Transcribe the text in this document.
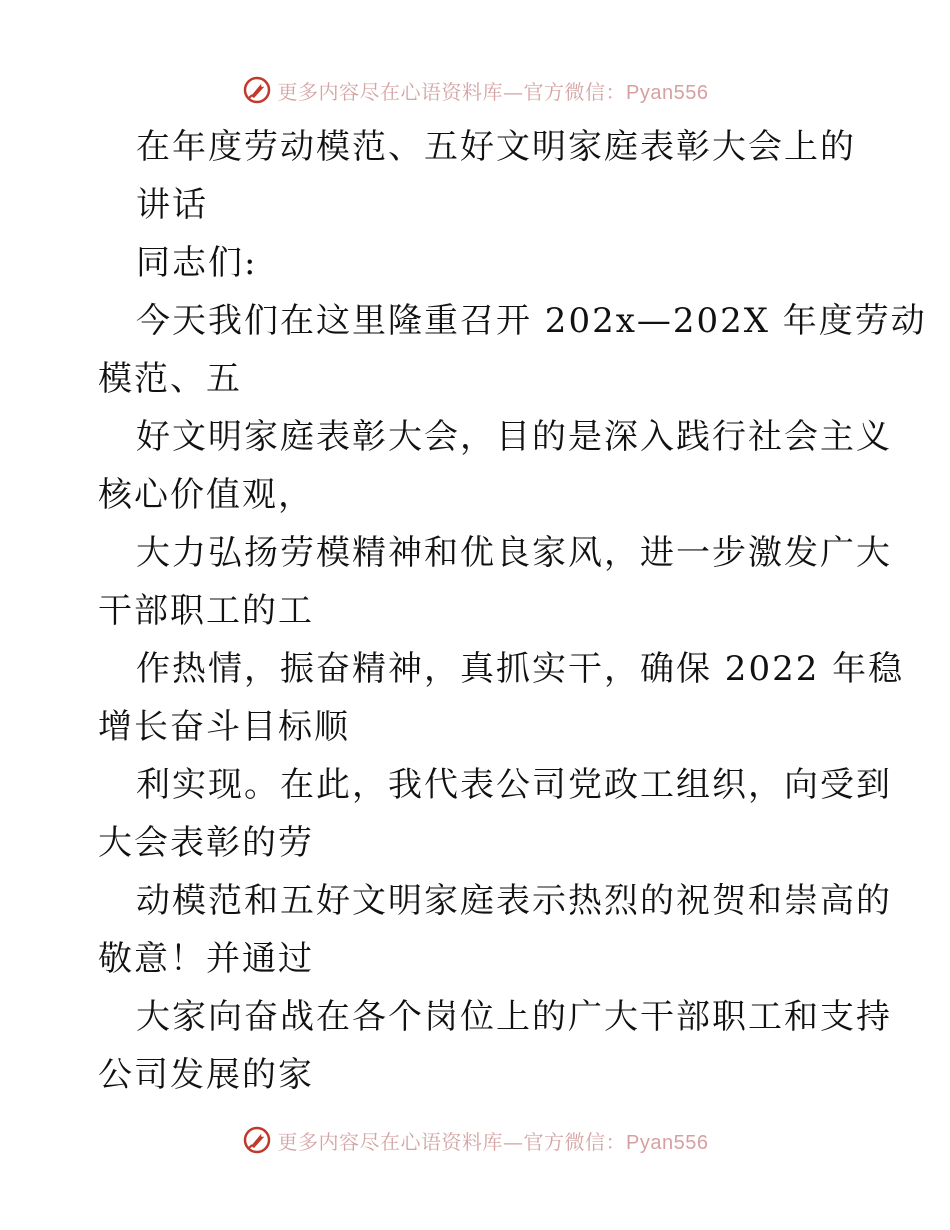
更多内容尽在心语资料库—官方微信：Pyan556
在年度劳动模范、五好文明家庭表彰大会上的
讲话
同志们:
今天我们在这里隆重召开 202x—202X 年度劳动
模范、五
好文明家庭表彰大会，目的是深入践行社会主义
核心价值观，
大力弘扬劳模精神和优良家风，进一步激发广大
干部职工的工
作热情，振奋精神，真抓实干，确保 2022 年稳
增长奋斗目标顺
利实现。在此，我代表公司党政工组织，向受到
大会表彰的劳
动模范和五好文明家庭表示热烈的祝贺和崇高的
敬意！并通过
大家向奋战在各个岗位上的广大干部职工和支持
公司发展的家
更多内容尽在心语资料库—官方微信：Pyan556
